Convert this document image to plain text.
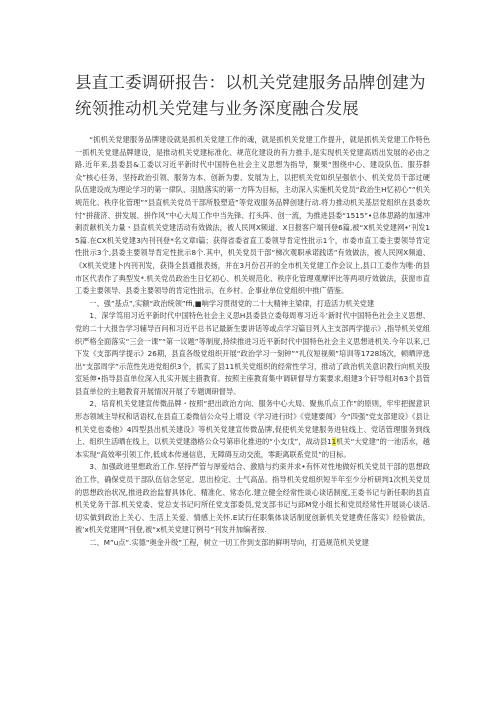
县直工委调研报告：以机关党建服务品牌创建为统领推动机关党建与业务深度融合发展

“抓机关党建服务品牌建设就是抓机关党建工作的魂，就是抓机关党建工作提升，就是抓机关党建工作特色一抓机关党建品牌建设，是推动机关党建标准化、规范化建设的有力推手,是实现机关党建高质出发展的必由之路.近年来,县委县&工委以习近平新时代中国特色社会主义思想为指导，聚果“围绕中心、建设队伍、服芬群众”核心任务，坚持政治引领、服务为本、创新为要、发展为上，以把机关党如织呈强依小、机关党员干部过硬队伍建设成为理论学习的第一律队、羽励落实的第一方阵为目标，主动深入实施机关党员“政治生H忆初心”“机关规范化、秩序化管理”“县直机关党员干部所股塑造”等党戏服务品牌创建行动.将力推动机关基层党组织在县委坎忖“拼菝济、拼发展、拼作风”中心大局工作中当先锋、打头阵、创一流，为推进县委“1515”•总体思路的加速冲刺贡献机关力量・县直机关党建活动有效做法，被人民网X频道、X日报客户端刊登6篇,被“X机关党建网•’刊发15篇.在CX机关党建3内刊刊登*名文章I篇；获得省委省直工委领导肯定性批示1个，市委市直工委主要领导肯定性批示3个,县委主要领导肯定性批示8个.其中，机关党员干部“梯次观职承诺践诺”有效做法，被人民网X频道、《X机关党建卜内刊刊发，获得全县通报表扬，并在3月份召开的全市机关党建工作会议上,县口工委作为唯·的县市区代表作了典型发*.机关党员政治生日忆初心、机关规范化、秩序化管理观摩评比等两项疗效做法，获窗市直工委主要领导、县委主要领导的肯定性批示，在乡村、企事业单位党组织中推广借鉴。

一、强”基点”,实额“政治统领”ffi,■响学习贯彻党的二十大精神主梁律，打造活力机关党建

1、深学笃用习近平新时代中国特色社会主义思H县委县立委每周専习近斗’新时代中国特色社会主义思想、党的二十大报告学习辅导百问和习近平总书记最新生要讲话等或点学习篇目列入主支部两学提示》,指导机关党组织严格全面落实“三会一课”“第一议题”等制度,持续推进习近平新时代中国特色社会主义思想进机关.今年以来,已下发《支部两学提示》26期，县直各级党组织开展“政治学习一刻钟”“礼仪短视频”培训等1728场次，顿晒评选出“支部周学”示范性先进党组织3个，抓实了县11机关党组织的经常性学习，推动了政治机关意识教行向机关股室延伸•指导县直单位深入扎实开展主猎教育。按照主座教育集中调研督导方案要求,组建3个矸导组对63个县管县直单位的主题教育开展情况开展了专题调研督导。

2、培育机关党建宣传微品牌・按照“把出政治方向、服务中心大局、聚焦爪点工作”的原则，牢牢把握意识形态领域主导权和话语权,在县直工委微信公众号上增设《学习进行时》《党建要闻》今“四强”党支部建设》《县让机关党也委他》4四型县出机关建设》等机关党建宣传微品牌,促使机关党建服务进驻线上、党话管理服务到线上、组织生活晒在线上，以机关党建渤格公众号第串化推进的“小支戊”，战动县11机关“大党建”的一池活水，越本实现“高效率引领工作,低成本传递信息，无障碍互动交流，零距离联系党员”的目标。

3、加强政进里想政治工作.坚持严管与厚爱结合、激励与约束并求•有怀对性地做好机关党员干部的思想政治工作，确保党员干部队伍信念坚定、思出检定、士气高品。指导机关党组织短半年至少分析研判1次机关党员的思想政治状况,推进政治监督具体化、精准化、常态化.建立健全经常性谈心谈话制度,王委书记与新任职的县直机关党务干部.机关党委、党总支书记叼所任党支部委员,党支部书记与邱M党小组长和党员经常性开展谈心谈话.切实做到政治上关心、生活上关爱、情感上关怀.E试行任职集体谈话制度创新机关党建费任落实》经验做法，被’x机关党建网”刊登,被“x机关党建订例号”刊发并加编者按.

二、M”u点”.实德“奥金升级”工程，树立一切工作到支部的鲜明导向，打造规范机关党建
